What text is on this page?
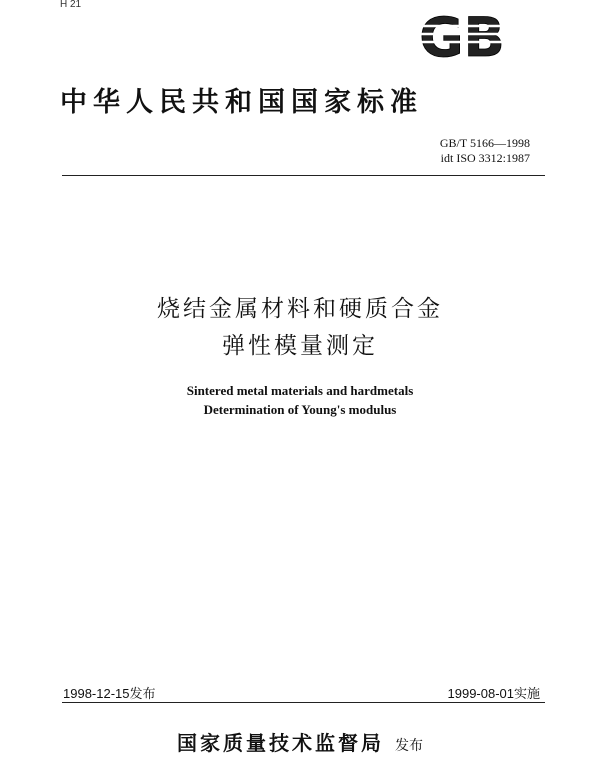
H 21
GB
中华人民共和国国家标准
GB/T 5166—1998
idt ISO 3312:1987
烧结金属材料和硬质合金
弹性模量测定
Sintered metal materials and hardmetals
Determination of Young's modulus
1998-12-15发布	1999-08-01实施
国家质量技术监督局 发布
